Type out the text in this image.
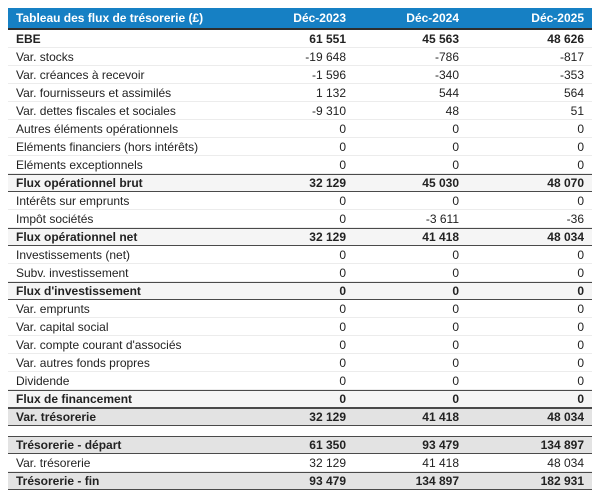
Tableau des flux de trésorerie (£)	Déc-2023	Déc-2024	Déc-2025
EBE	61 551	45 563	48 626
Var. stocks	-19 648	-786	-817
Var. créances à recevoir	-1 596	-340	-353
Var. fournisseurs et assimilés	1 132	544	564
Var. dettes fiscales et sociales	-9 310	48	51
Autres éléments opérationnels	0	0	0
Eléments financiers (hors intérêts)	0	0	0
Eléments exceptionnels	0	0	0
Flux opérationnel brut	32 129	45 030	48 070
Intérêts sur emprunts	0	0	0
Impôt sociétés	0	-3 611	-36
Flux opérationnel net	32 129	41 418	48 034
Investissements (net)	0	0	0
Subv. investissement	0	0	0
Flux d'investissement	0	0	0
Var. emprunts	0	0	0
Var. capital social	0	0	0
Var. compte courant d'associés	0	0	0
Var. autres fonds propres	0	0	0
Dividende	0	0	0
Flux de financement	0	0	0
Var. trésorerie	32 129	41 418	48 034
Trésorerie - départ	61 350	93 479	134 897
Var. trésorerie	32 129	41 418	48 034
Trésorerie - fin	93 479	134 897	182 931
